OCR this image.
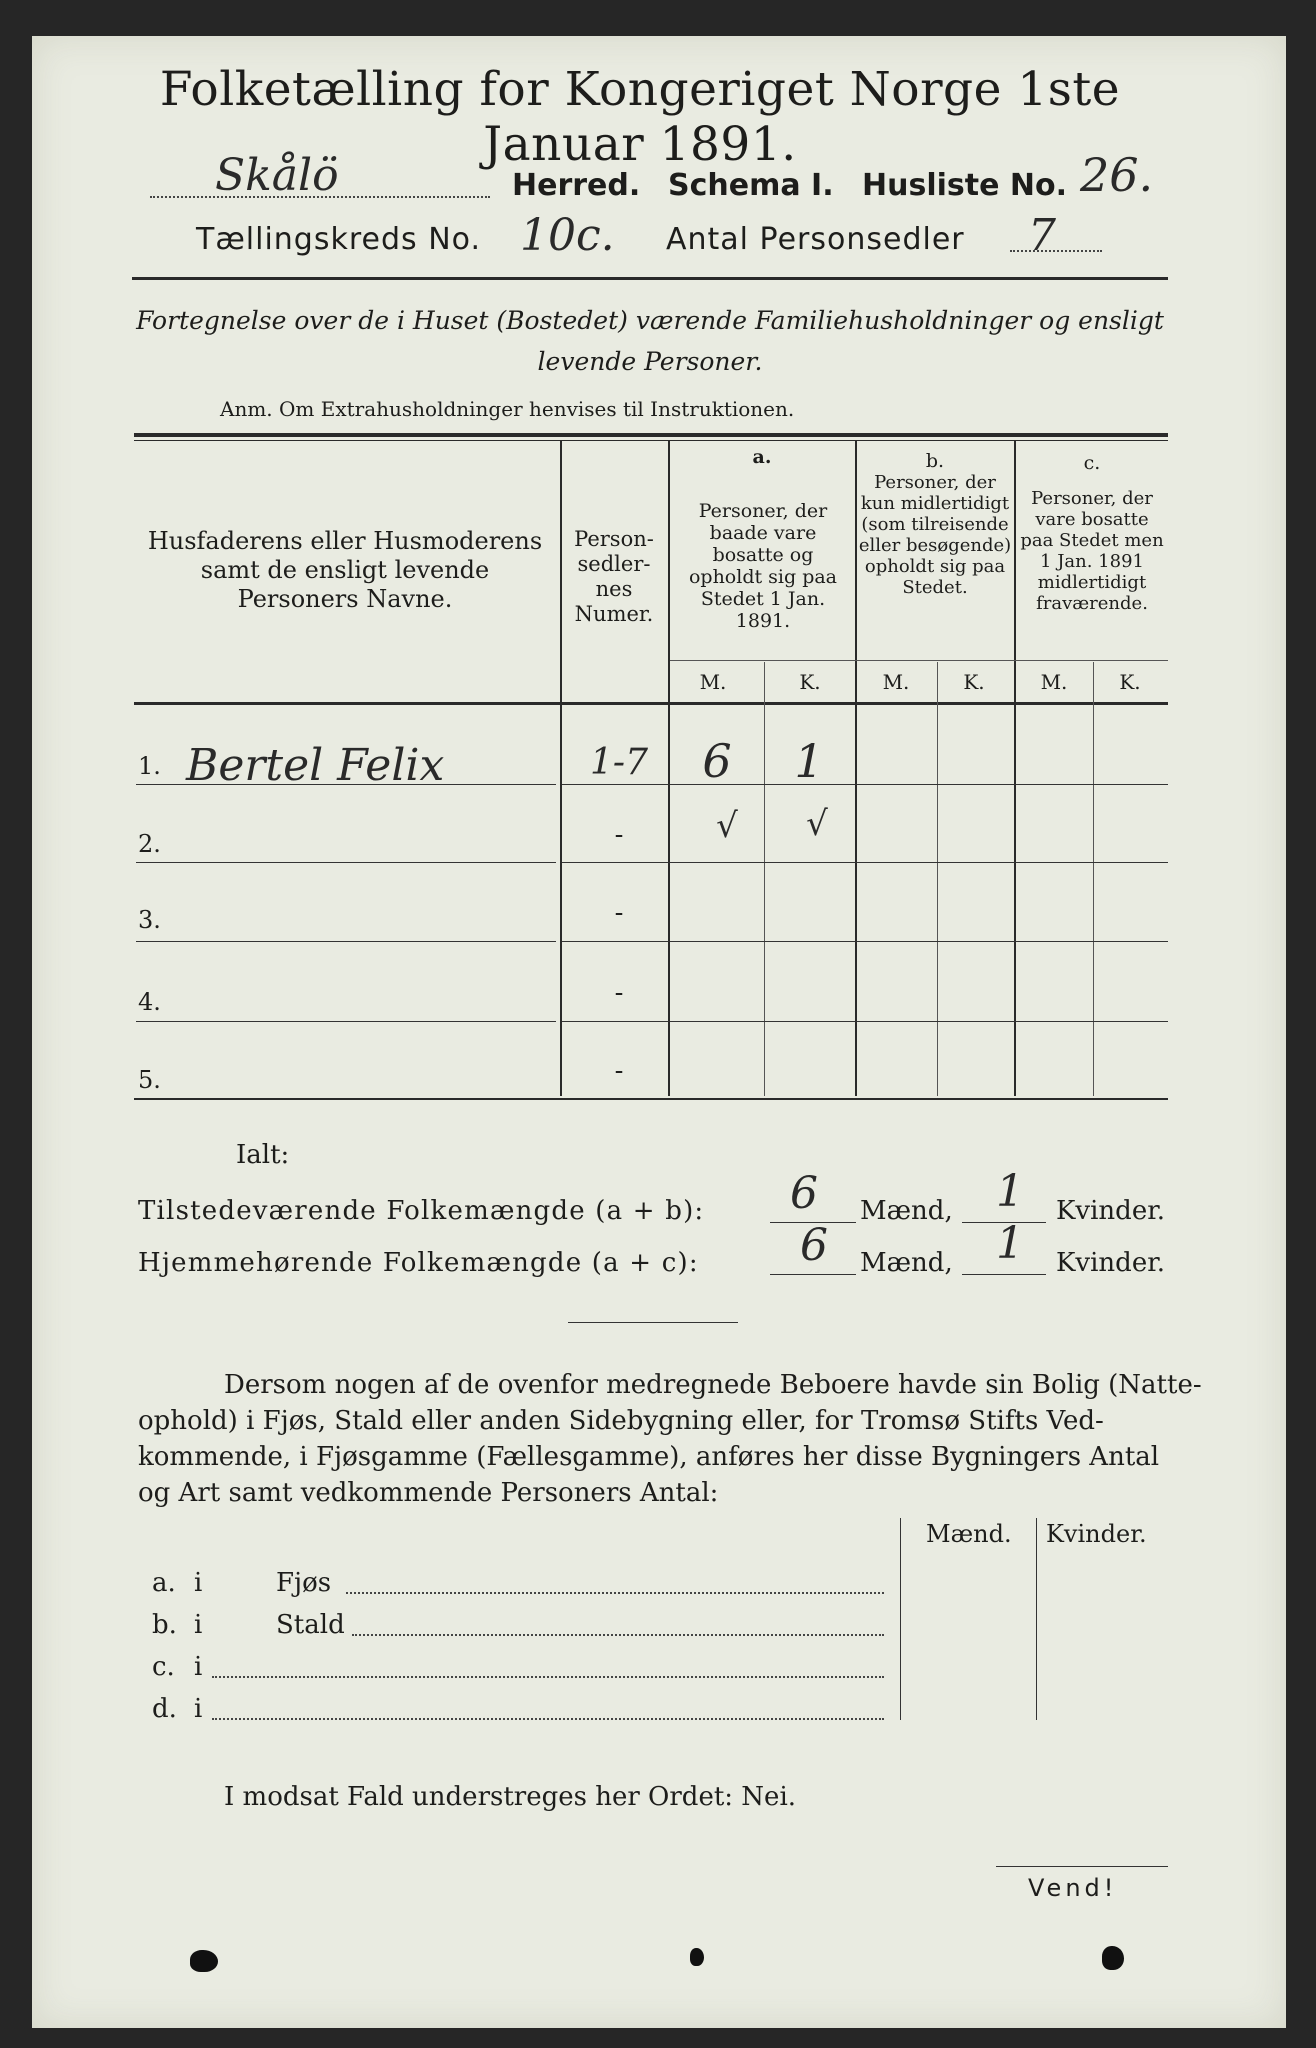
Folketælling for Kongeriget Norge 1ste Januar 1891.
Skålö	Herred. Schema I. Husliste No. 26.
Tællingskreds No. 10c. Antal Personsedler 7
Fortegnelse over de i Huset (Bostedet) værende Familiehusholdninger og ensligt
levende Personer.
Anm. Om Extrahusholdninger henvises til Instruktionen.
Husfaderens eller Husmoderens samt de ensligt levende Personers Navne.
Person-sedler-nes Numer.
a.
Personer, der baade vare bosatte og opholdt sig paa Stedet 1 Jan. 1891.
b.
Personer, der kun midlertidigt (som tilreisende eller besøgende) opholdt sig paa Stedet.
c.
Personer, der vare bosatte paa Stedet men 1 Jan. 1891 midlertidigt fraværende.
M.	K.	M.	K.	M.	K.
1. Bertel Felix	1-7	6	1
2.	-	√	√
3.	-
4.	-
5.	-
Ialt:
Tilstedeværende Folkemængde (a + b): 6 Mænd, 1 Kvinder.
Hjemmehørende Folkemængde (a + c): 6 Mænd, 1 Kvinder.
Dersom nogen af de ovenfor medregnede Beboere havde sin Bolig (Natte-
ophold) i Fjøs, Stald eller anden Sidebygning eller, for Tromsø Stifts Ved-
kommende, i Fjøsgamme (Fællesgamme), anføres her disse Bygningers Antal
og Art samt vedkommende Personers Antal:
Mænd. Kvinder.
a. i	Fjøs
b. i	Stald
c. i
d. i
I modsat Fald understreges her Ordet: Nei.
Vend!
